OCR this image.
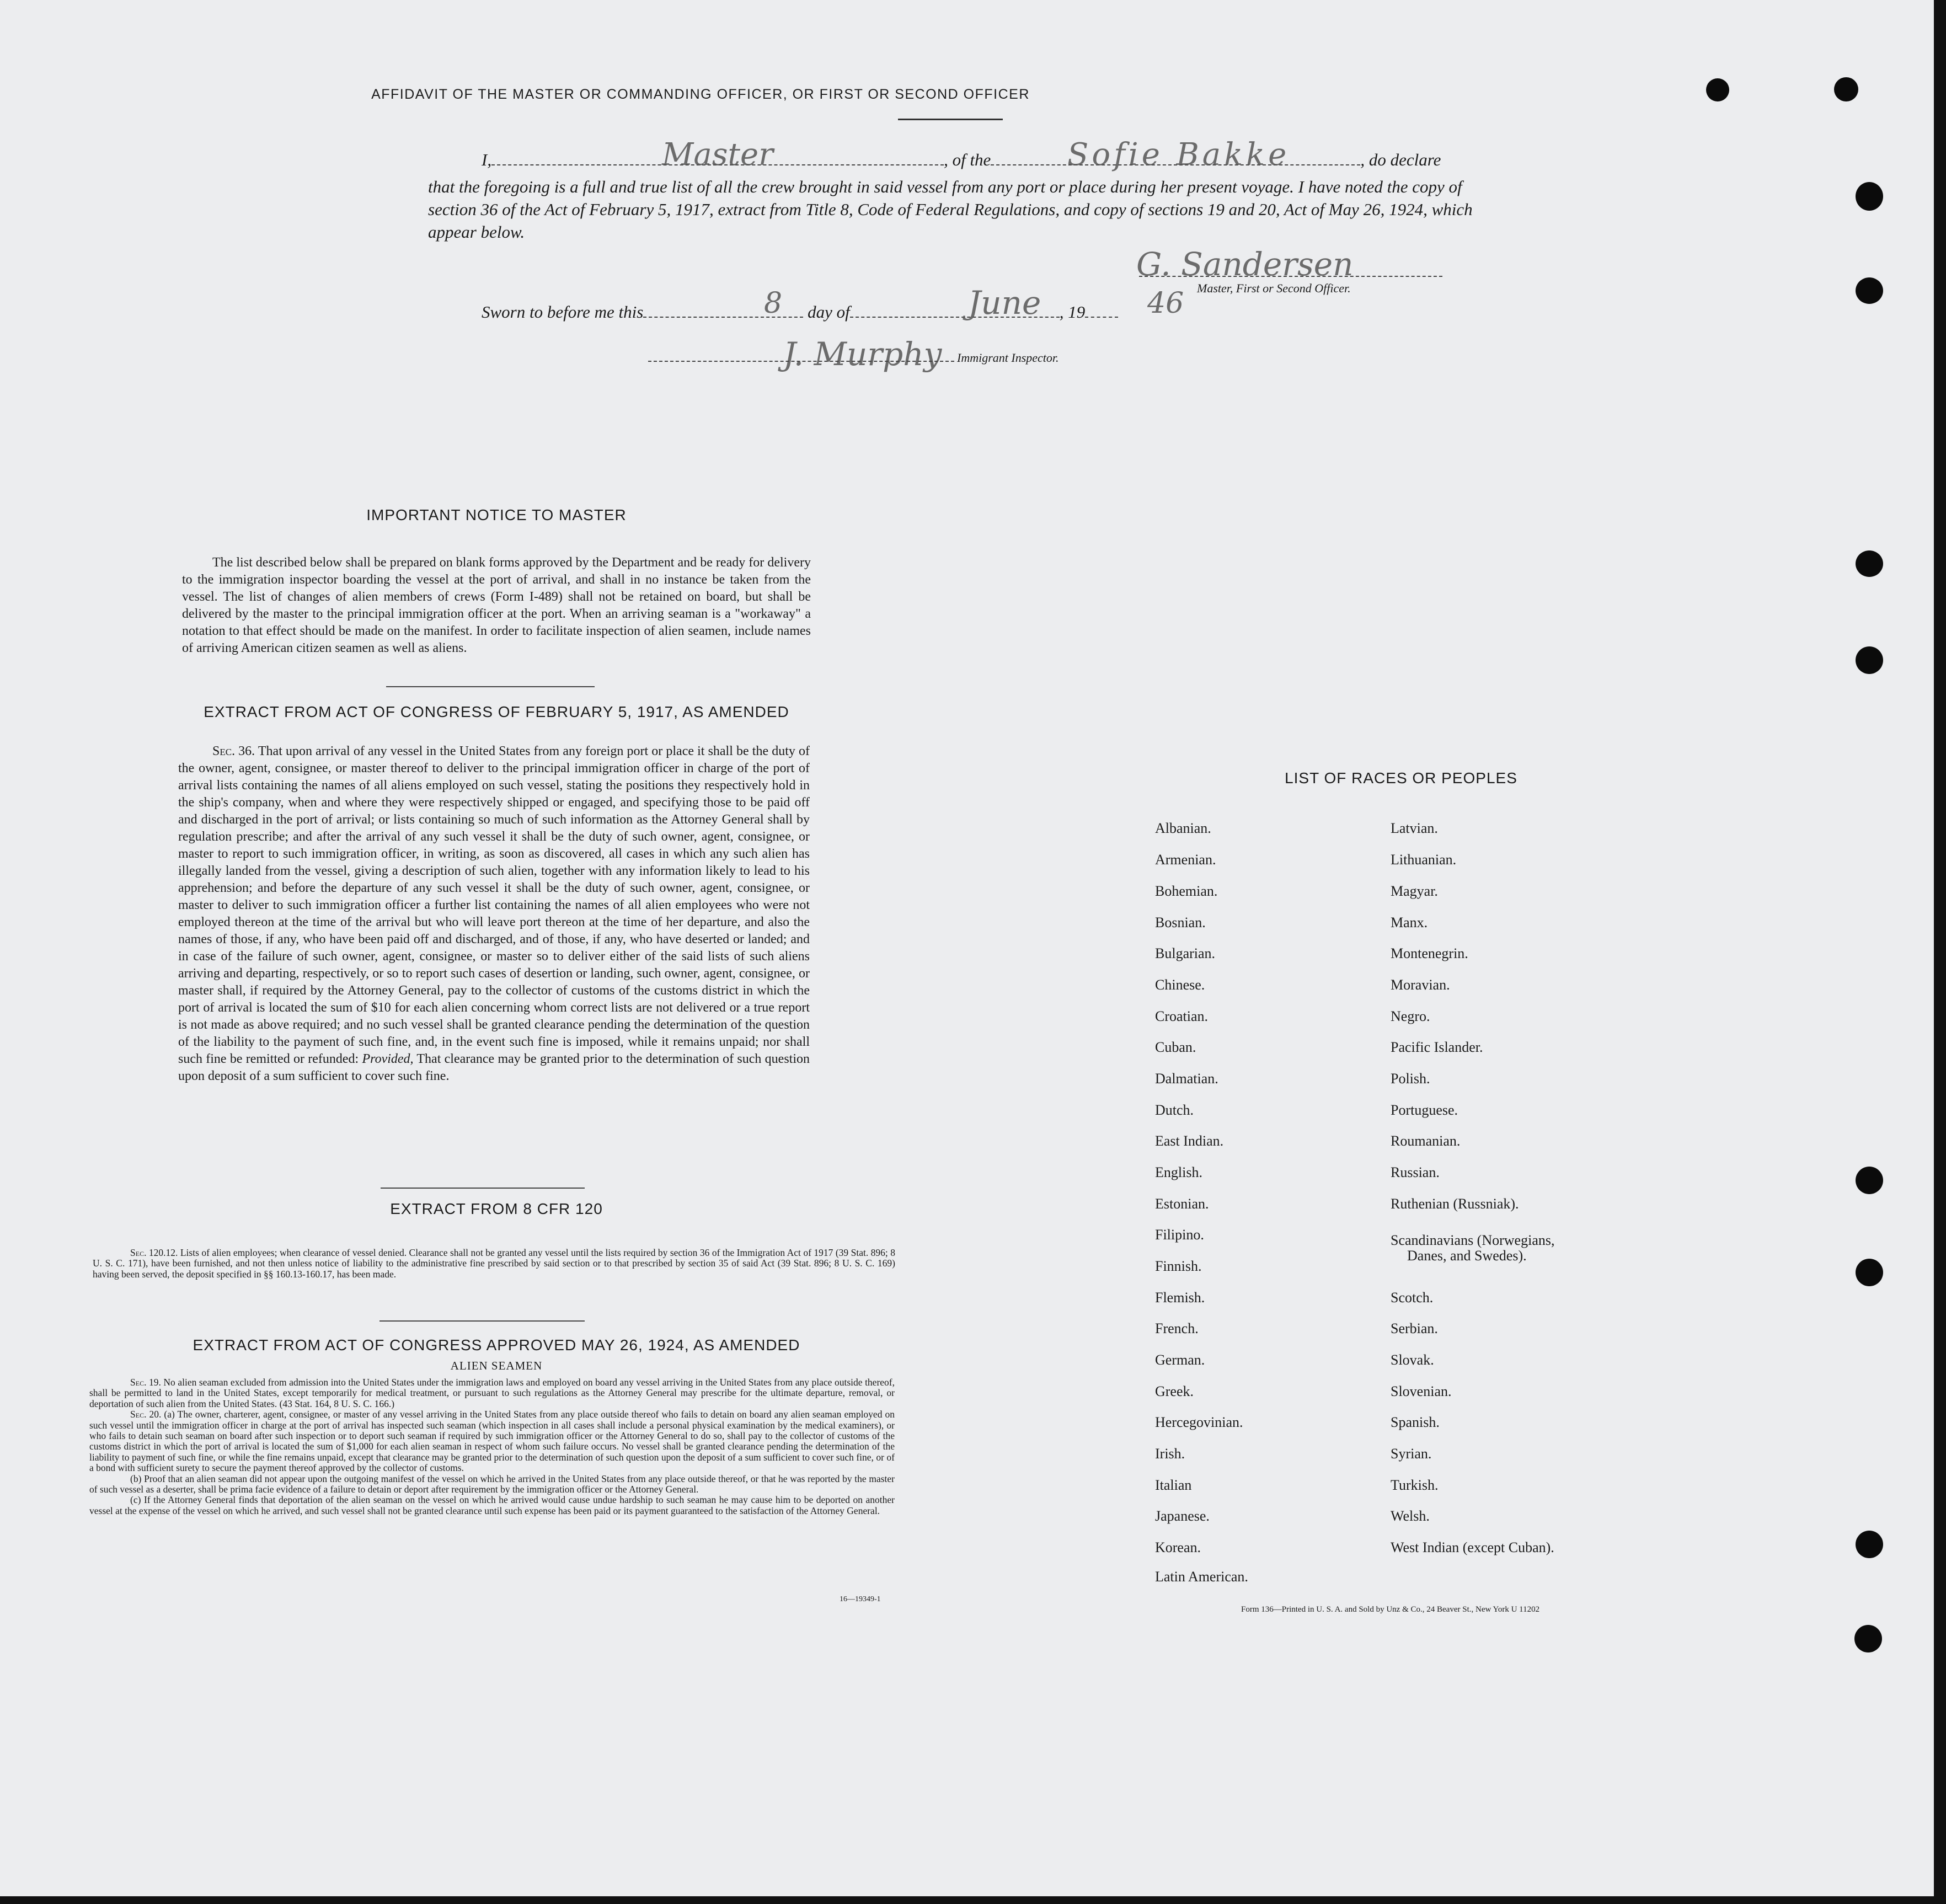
AFFIDAVIT OF THE MASTER OR COMMANDING OFFICER, OR FIRST OR SECOND OFFICER
I,	, of the	, do declare
Master	Sofie Bakke
that the foregoing is a full and true list of all the crew brought in said vessel from any port or place during her present voyage. I have noted the copy of section 36 of the Act of February 5, 1917, extract from Title 8, Code of Federal Regulations, and copy of sections 19 and 20, Act of May 26, 1924, which appear below.
G. Sandersen
Master, First or Second Officer.
Sworn to before me this	day of	, 19
8	June	46
J. Murphy Immigrant Inspector.
IMPORTANT NOTICE TO MASTER
The list described below shall be prepared on blank forms approved by the Department and be ready for delivery to the immigration inspector boarding the vessel at the port of arrival, and shall in no instance be taken from the vessel. The list of changes of alien members of crews (Form I-489) shall not be retained on board, but shall be delivered by the master to the principal immigration officer at the port. When an arriving seaman is a "workaway" a notation to that effect should be made on the manifest. In order to facilitate inspection of alien seamen, include names of arriving American citizen seamen as well as aliens.
EXTRACT FROM ACT OF CONGRESS OF FEBRUARY 5, 1917, AS AMENDED
Sec. 36. That upon arrival of any vessel in the United States from any foreign port or place it shall be the duty of the owner, agent, consignee, or master thereof to deliver to the principal immigration officer in charge of the port of arrival lists containing the names of all aliens employed on such vessel, stating the positions they respectively hold in the ship's company, when and where they were respectively shipped or engaged, and specifying those to be paid off and discharged in the port of arrival; or lists containing so much of such information as the Attorney General shall by regulation prescribe; and after the arrival of any such vessel it shall be the duty of such owner, agent, consignee, or master to report to such immigration officer, in writing, as soon as discovered, all cases in which any such alien has illegally landed from the vessel, giving a description of such alien, together with any information likely to lead to his apprehension; and before the departure of any such vessel it shall be the duty of such owner, agent, consignee, or master to deliver to such immigration officer a further list containing the names of all alien employees who were not employed thereon at the time of the arrival but who will leave port thereon at the time of her departure, and also the names of those, if any, who have been paid off and discharged, and of those, if any, who have deserted or landed; and in case of the failure of such owner, agent, consignee, or master so to deliver either of the said lists of such aliens arriving and departing, respectively, or so to report such cases of desertion or landing, such owner, agent, consignee, or master shall, if required by the Attorney General, pay to the collector of customs of the customs district in which the port of arrival is located the sum of $10 for each alien concerning whom correct lists are not delivered or a true report is not made as above required; and no such vessel shall be granted clearance pending the determination of the question of the liability to the payment of such fine, and, in the event such fine is imposed, while it remains unpaid; nor shall such fine be remitted or refunded: Provided, That clearance may be granted prior to the determination of such question upon deposit of a sum sufficient to cover such fine.
EXTRACT FROM 8 CFR 120
Sec. 120.12. Lists of alien employees; when clearance of vessel denied. Clearance shall not be granted any vessel until the lists required by section 36 of the Immigration Act of 1917 (39 Stat. 896; 8 U. S. C. 171), have been furnished, and not then unless notice of liability to the administrative fine prescribed by said section or to that prescribed by section 35 of said Act (39 Stat. 896; 8 U. S. C. 169) having been served, the deposit specified in §§ 160.13-160.17, has been made.
EXTRACT FROM ACT OF CONGRESS APPROVED MAY 26, 1924, AS AMENDED
ALIEN SEAMEN
Sec. 19. No alien seaman excluded from admission into the United States under the immigration laws and employed on board any vessel arriving in the United States from any place outside thereof, shall be permitted to land in the United States, except temporarily for medical treatment, or pursuant to such regulations as the Attorney General may prescribe for the ultimate departure, removal, or deportation of such alien from the United States. (43 Stat. 164, 8 U. S. C. 166.)
Sec. 20. (a) The owner, charterer, agent, consignee, or master of any vessel arriving in the United States from any place outside thereof who fails to detain on board any alien seaman employed on such vessel until the immigration officer in charge at the port of arrival has inspected such seaman (which inspection in all cases shall include a personal physical examination by the medical examiners), or who fails to detain such seaman on board after such inspection or to deport such seaman if required by such immigration officer or the Attorney General to do so, shall pay to the collector of customs of the customs district in which the port of arrival is located the sum of $1,000 for each alien seaman in respect of whom such failure occurs. No vessel shall be granted clearance pending the determination of the liability to payment of such fine, or while the fine remains unpaid, except that clearance may be granted prior to the determination of such question upon the deposit of a sum sufficient to cover such fine, or of a bond with sufficient surety to secure the payment thereof approved by the collector of customs.
(b) Proof that an alien seaman did not appear upon the outgoing manifest of the vessel on which he arrived in the United States from any place outside thereof, or that he was reported by the master of such vessel as a deserter, shall be prima facie evidence of a failure to detain or deport after requirement by the immigration officer or the Attorney General.
(c) If the Attorney General finds that deportation of the alien seaman on the vessel on which he arrived would cause undue hardship to such seaman he may cause him to be deported on another vessel at the expense of the vessel on which he arrived, and such vessel shall not be granted clearance until such expense has been paid or its payment guaranteed to the satisfaction of the Attorney General.
16—19349-1
LIST OF RACES OR PEOPLES
Albanian.
Armenian.
Bohemian.
Bosnian.
Bulgarian.
Chinese.
Croatian.
Cuban.
Dalmatian.
Dutch.
East Indian.
English.
Estonian.
Filipino.
Finnish.
Flemish.
French.
German.
Greek.
Hercegovinian.
Irish.
Italian
Japanese.
Korean.
Latin American.
Latvian.
Lithuanian.
Magyar.
Manx.
Montenegrin.
Moravian.
Negro.
Pacific Islander.
Polish.
Portuguese.
Roumanian.
Russian.
Ruthenian (Russniak).
Scandinavians (Norwegians,
Danes, and Swedes).
Scotch.
Serbian.
Slovak.
Slovenian.
Spanish.
Syrian.
Turkish.
Welsh.
West Indian (except Cuban).
Form 136—Printed in U. S. A. and Sold by Unz & Co., 24 Beaver St., New York U 11202
